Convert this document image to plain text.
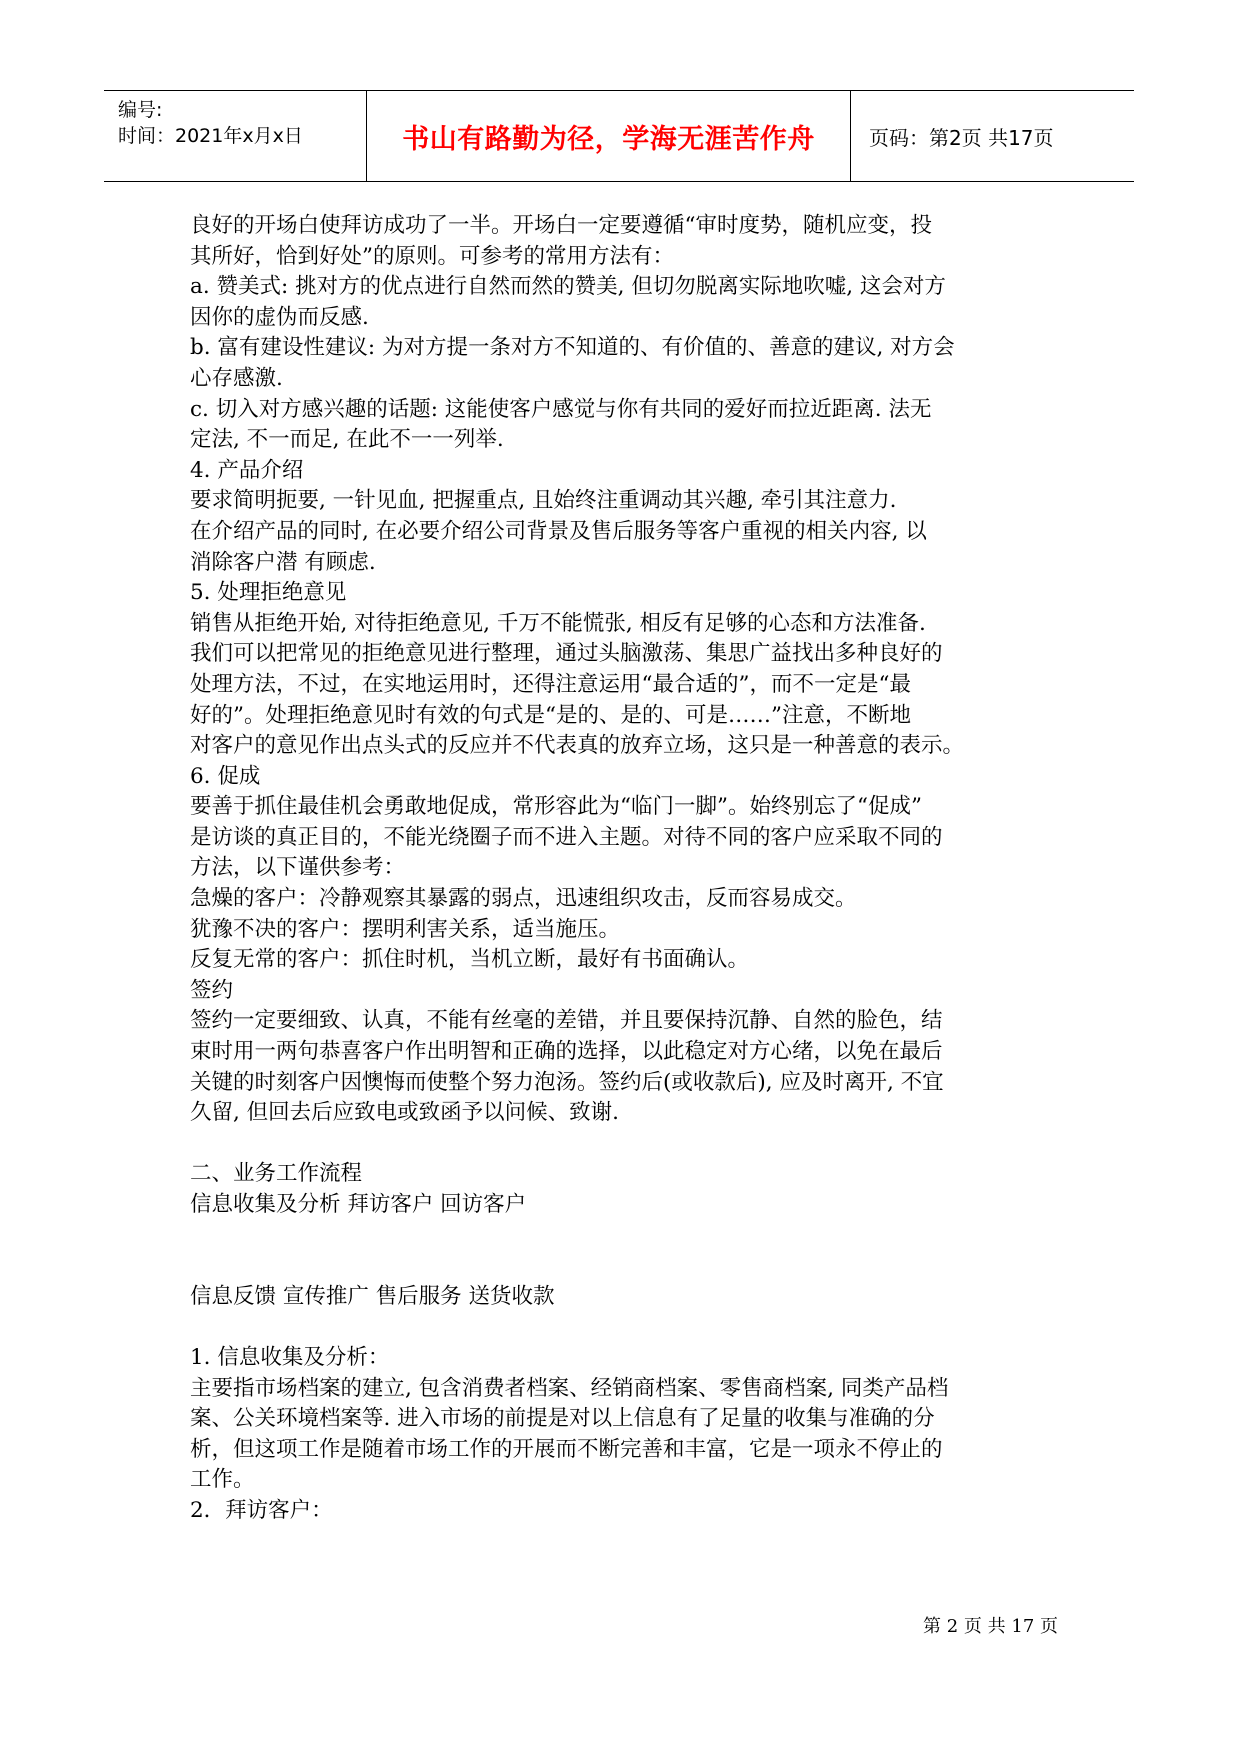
编号:
时间：2021年x月x日	书山有路勤为径，学海无涯苦作舟	页码：第2页 共17页
良好的开场白使拜访成功了一半。开场白一定要遵循“审时度势，随机应变，投
其所好，恰到好处”的原则。可参考的常用方法有：
a. 赞美式: 挑对方的优点进行自然而然的赞美, 但切勿脱离实际地吹嘘, 这会对方
因你的虚伪而反感.
b. 富有建设性建议: 为对方提一条对方不知道的、有价值的、善意的建议, 对方会
心存感激.
c. 切入对方感兴趣的话题: 这能使客户感觉与你有共同的爱好而拉近距离. 法无
定法, 不一而足, 在此不一一列举.
4. 产品介绍
要求简明扼要, 一针见血, 把握重点, 且始终注重调动其兴趣, 牵引其注意力.
在介绍产品的同时, 在必要介绍公司背景及售后服务等客户重视的相关内容, 以
消除客户潜 有顾虑.
5. 处理拒绝意见
销售从拒绝开始, 对待拒绝意见, 千万不能慌张, 相反有足够的心态和方法准备.
我们可以把常见的拒绝意见进行整理，通过头脑激荡、集思广益找出多种良好的
处理方法，不过，在实地运用时，还得注意运用“最合适的”，而不一定是“最
好的”。处理拒绝意见时有效的句式是“是的、是的、可是……”注意，不断地
对客户的意见作出点头式的反应并不代表真的放弃立场，这只是一种善意的表示。
6. 促成
要善于抓住最佳机会勇敢地促成，常形容此为“临门一脚”。始终别忘了“促成”
是访谈的真正目的，不能光绕圈子而不进入主题。对待不同的客户应采取不同的
方法，以下谨供参考：
急燥的客户：冷静观察其暴露的弱点，迅速组织攻击，反而容易成交。
犹豫不决的客户：摆明利害关系，适当施压。
反复无常的客户：抓住时机，当机立断，最好有书面确认。
签约
签约一定要细致、认真，不能有丝毫的差错，并且要保持沉静、自然的脸色，结
束时用一两句恭喜客户作出明智和正确的选择，以此稳定对方心绪，以免在最后
关键的时刻客户因懊悔而使整个努力泡汤。签约后(或收款后), 应及时离开, 不宜
久留, 但回去后应致电或致函予以问候、致谢.
二、业务工作流程
信息收集及分析 拜访客户 回访客户
信息反馈 宣传推广 售后服务 送货收款
1. 信息收集及分析：
主要指市场档案的建立, 包含消费者档案、经销商档案、零售商档案, 同类产品档
案、公关环境档案等. 进入市场的前提是对以上信息有了足量的收集与准确的分
析，但这项工作是随着市场工作的开展而不断完善和丰富，它是一项永不停止的
工作。
2．拜访客户：
第 2 页 共 17 页
